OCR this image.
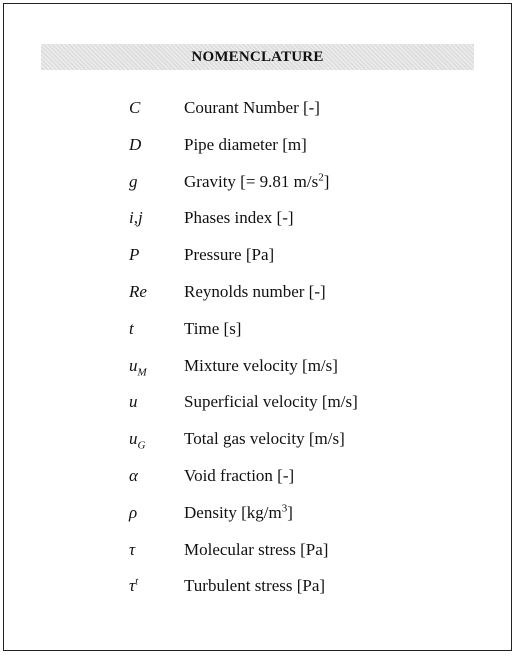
NOMENCLATURE
C	Courant Number [-]
D	Pipe diameter [m]
g	Gravity [= 9.81 $m/s^2$]
i,j Phases index [-]
P	Pressure [Pa]
Re Reynolds number [-]
t	Time [s]
$u_M$ Mixture velocity [m/s]
u	Superficial velocity [m/s]
$u_G$ Total gas velocity [m/s]
α	Void fraction [-]
ρ	Density $[kg/m^3]$
τ	Molecular stress [Pa]
$\tau^t$	Turbulent stress [Pa]
